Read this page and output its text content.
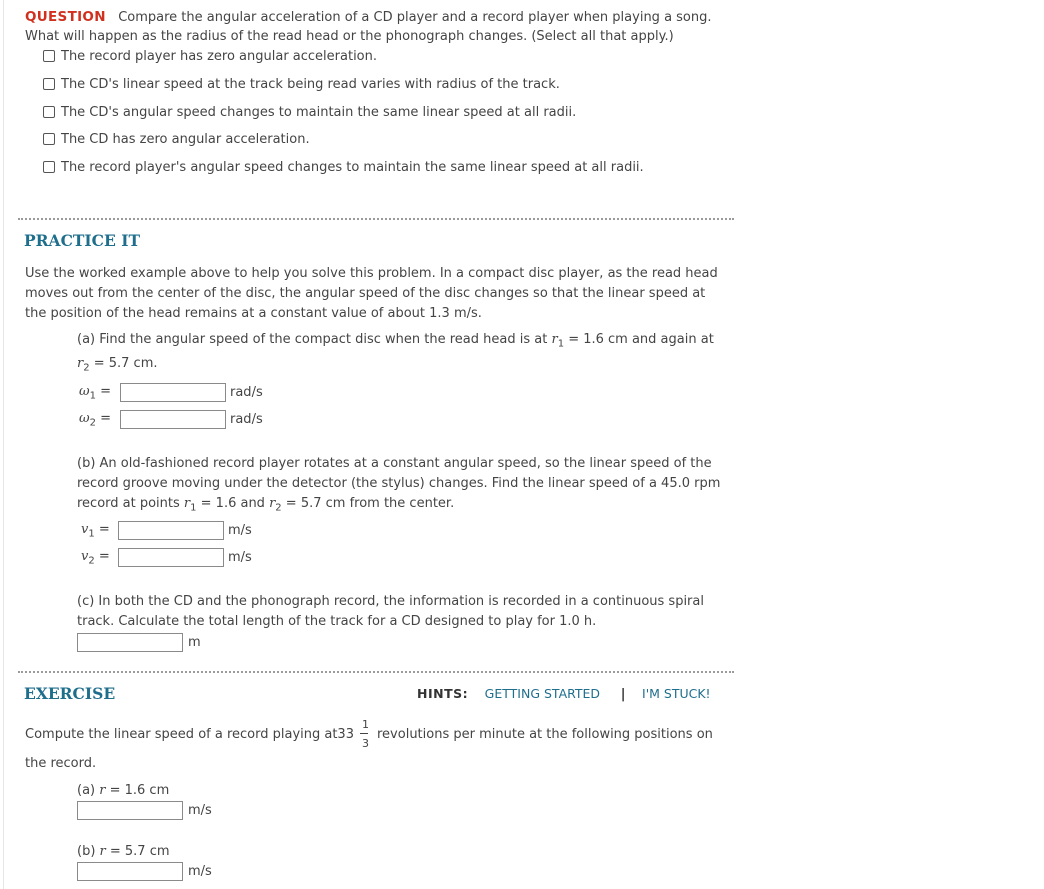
QUESTION Compare the angular acceleration of a CD player and a record player when playing a song.
What will happen as the radius of the read head or the phonograph changes. (Select all that apply.)
The record player has zero angular acceleration.
The CD's linear speed at the track being read varies with radius of the track.
The CD's angular speed changes to maintain the same linear speed at all radii.
The CD has zero angular acceleration.
The record player's angular speed changes to maintain the same linear speed at all radii.
PRACTICE IT
Use the worked example above to help you solve this problem. In a compact disc player, as the read head
moves out from the center of the disc, the angular speed of the disc changes so that the linear speed at
the position of the head remains at a constant value of about 1.3 m/s.
(a) Find the angular speed of the compact disc when the read head is at $r_1 = 1.6$ cm and again at
$r_2 = 5.7$ cm.
$\omega_1$ =	rad/s
$\omega_2$ =	rad/s
(b) An old-fashioned record player rotates at a constant angular speed, so the linear speed of the
record groove moving under the detector (the stylus) changes. Find the linear speed of a 45.0 rpm
record at points $r_1 = 1.6$ and $r_2 = 5.7$ cm from the center.
$v_1$ =	m/s
$v_2$ =	m/s
(c) In both the CD and the phonograph record, the information is recorded in a continuous spiral
track. Calculate the total length of the track for a CD designed to play for 1.0 h.
m
EXERCISE	HINTS: GETTING STARTED | I'M STUCK!
Compute the linear speed of a record playing at33
1
3
revolutions per minute at the following positions on
the record.
(a) r = 1.6 cm
m/s
(b) r = 5.7 cm
m/s
